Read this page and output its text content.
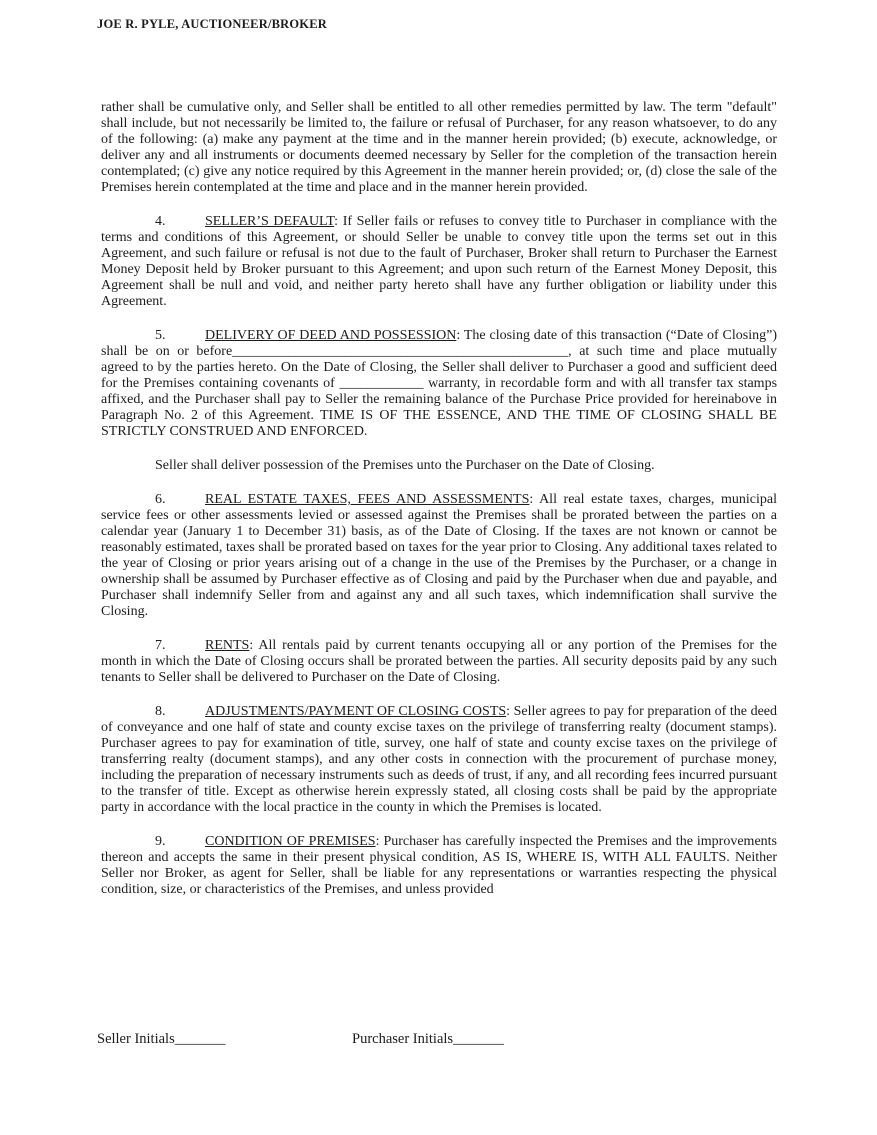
JOE R. PYLE, AUCTIONEER/BROKER

rather shall be cumulative only, and Seller shall be entitled to all other remedies permitted by law. The term "default" shall include, but not necessarily be limited to, the failure or refusal of Purchaser, for any reason whatsoever, to do any of the following: (a) make any payment at the time and in the manner herein provided; (b) execute, acknowledge, or deliver any and all instruments or documents deemed necessary by Seller for the completion of the transaction herein contemplated; (c) give any notice required by this Agreement in the manner herein provided; or, (d) close the sale of the Premises herein contemplated at the time and place and in the manner herein provided.

4.	SELLER’S DEFAULT: If Seller fails or refuses to convey title to Purchaser in compliance with the terms and conditions of this Agreement, or should Seller be unable to convey title upon the terms set out in this Agreement, and such failure or refusal is not due to the fault of Purchaser, Broker shall return to Purchaser the Earnest Money Deposit held by Broker pursuant to this Agreement; and upon such return of the Earnest Money Deposit, this Agreement shall be null and void, and neither party hereto shall have any further obligation or liability under this Agreement.

5.	DELIVERY OF DEED AND POSSESSION: The closing date of this transaction (“Date of Closing”) shall be on or before________________________________________________, at such time and place mutually agreed to by the parties hereto. On the Date of Closing, the Seller shall deliver to Purchaser a good and sufficient deed for the Premises containing covenants of ____________ warranty, in recordable form and with all transfer tax stamps affixed, and the Purchaser shall pay to Seller the remaining balance of the Purchase Price provided for hereinabove in Paragraph No. 2 of this Agreement. TIME IS OF THE ESSENCE, AND THE TIME OF CLOSING SHALL BE STRICTLY CONSTRUED AND ENFORCED.

Seller shall deliver possession of the Premises unto the Purchaser on the Date of Closing.

6.	REAL ESTATE TAXES, FEES AND ASSESSMENTS: All real estate taxes, charges, municipal service fees or other assessments levied or assessed against the Premises shall be prorated between the parties on a calendar year (January 1 to December 31) basis, as of the Date of Closing. If the taxes are not known or cannot be reasonably estimated, taxes shall be prorated based on taxes for the year prior to Closing. Any additional taxes related to the year of Closing or prior years arising out of a change in the use of the Premises by the Purchaser, or a change in ownership shall be assumed by Purchaser effective as of Closing and paid by the Purchaser when due and payable, and Purchaser shall indemnify Seller from and against any and all such taxes, which indemnification shall survive the Closing.

7.	RENTS: All rentals paid by current tenants occupying all or any portion of the Premises for the month in which the Date of Closing occurs shall be prorated between the parties. All security deposits paid by any such tenants to Seller shall be delivered to Purchaser on the Date of Closing.

8.	ADJUSTMENTS/PAYMENT OF CLOSING COSTS: Seller agrees to pay for preparation of the deed of conveyance and one half of state and county excise taxes on the privilege of transferring realty (document stamps). Purchaser agrees to pay for examination of title, survey, one half of state and county excise taxes on the privilege of transferring realty (document stamps), and any other costs in connection with the procurement of purchase money, including the preparation of necessary instruments such as deeds of trust, if any, and all recording fees incurred pursuant to the transfer of title. Except as otherwise herein expressly stated, all closing costs shall be paid by the appropriate party in accordance with the local practice in the county in which the Premises is located.

9.	CONDITION OF PREMISES: Purchaser has carefully inspected the Premises and the improvements thereon and accepts the same in their present physical condition, AS IS, WHERE IS, WITH ALL FAULTS. Neither Seller nor Broker, as agent for Seller, shall be liable for any representations or warranties respecting the physical condition, size, or characteristics of the Premises, and unless provided

Seller Initials_______	Purchaser Initials_______
